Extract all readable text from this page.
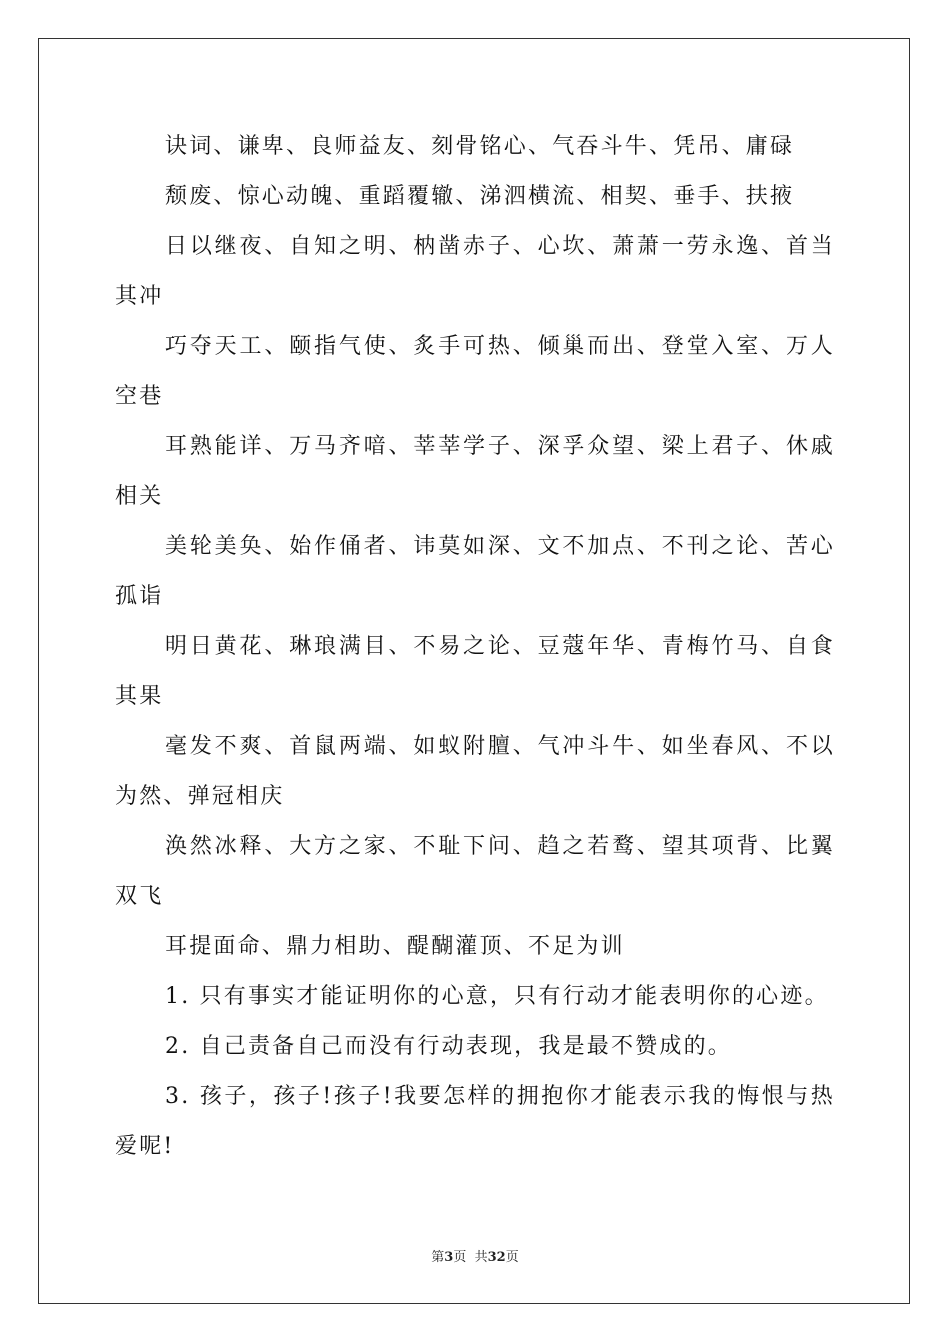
诀词、谦卑、良师益友、刻骨铭心、气吞斗牛、凭吊、庸碌

颓废、惊心动魄、重蹈覆辙、涕泗横流、相契、垂手、扶掖

日以继夜、自知之明、枘凿赤子、心坎、萧萧一劳永逸、首当其冲

巧夺天工、颐指气使、炙手可热、倾巢而出、登堂入室、万人空巷

耳熟能详、万马齐喑、莘莘学子、深孚众望、梁上君子、休戚相关

美轮美奂、始作俑者、讳莫如深、文不加点、不刊之论、苦心孤诣

明日黄花、琳琅满目、不易之论、豆蔻年华、青梅竹马、自食其果

毫发不爽、首鼠两端、如蚁附膻、气冲斗牛、如坐春风、不以为然、弹冠相庆

涣然冰释、大方之家、不耻下问、趋之若鹜、望其项背、比翼双飞

耳提面命、鼎力相助、醍醐灌顶、不足为训

1. 只有事实才能证明你的心意，只有行动才能表明你的心迹。

2. 自己责备自己而没有行动表现，我是最不赞成的。

3. 孩子，孩子!孩子!我要怎样的拥抱你才能表示我的悔恨与热爱呢!

第3页  共32页
